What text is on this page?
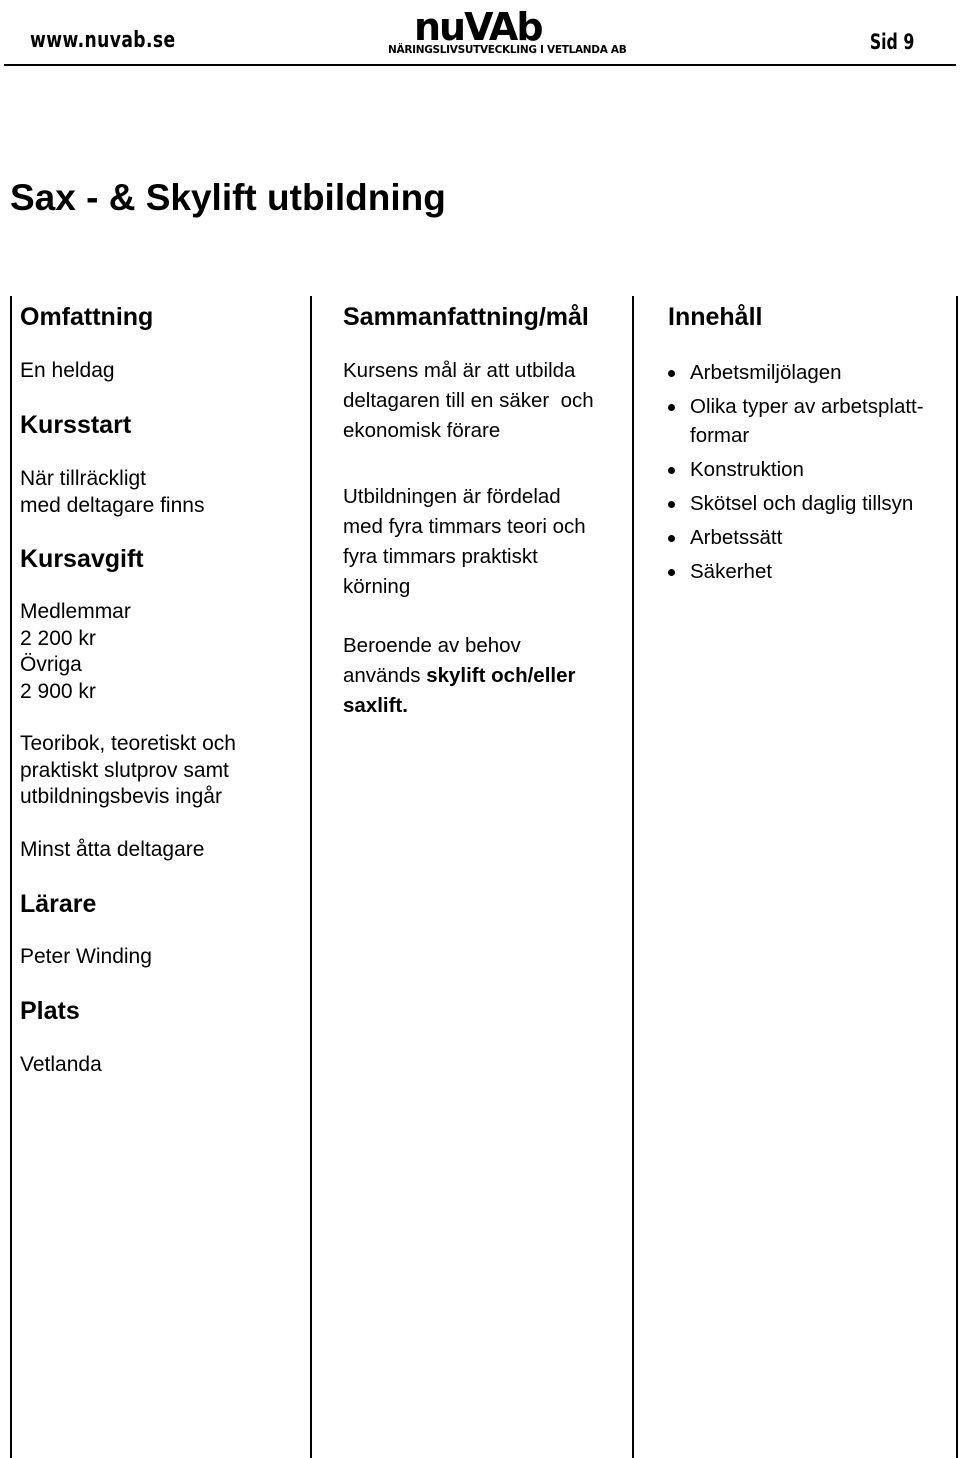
www.nuvab.se	nuVAb
NÄRINGSLIVSUTVECKLING I VETLANDA AB	Sid 9
Sax - & Skylift utbildning
Omfattning
En heldag
Kursstart
När tillräckligt
med deltagare finns
Kursavgift
Medlemmar
2 200 kr
Övriga
2 900 kr
Teoribok, teoretiskt och
praktiskt slutprov samt
utbildningsbevis ingår
Minst åtta deltagare
Lärare
Peter Winding
Plats
Vetlanda
Sammanfattning/mål
Kursens mål är att utbilda
deltagaren till en säker  och
ekonomisk förare
Utbildningen är fördelad
med fyra timmars teori och
fyra timmars praktiskt
körning
Beroende av behov
används skylift och/eller
saxlift.
Innehåll
Arbetsmiljölagen
Olika typer av arbetsplatt-
formar
Konstruktion
Skötsel och daglig tillsyn
Arbetssätt
Säkerhet
